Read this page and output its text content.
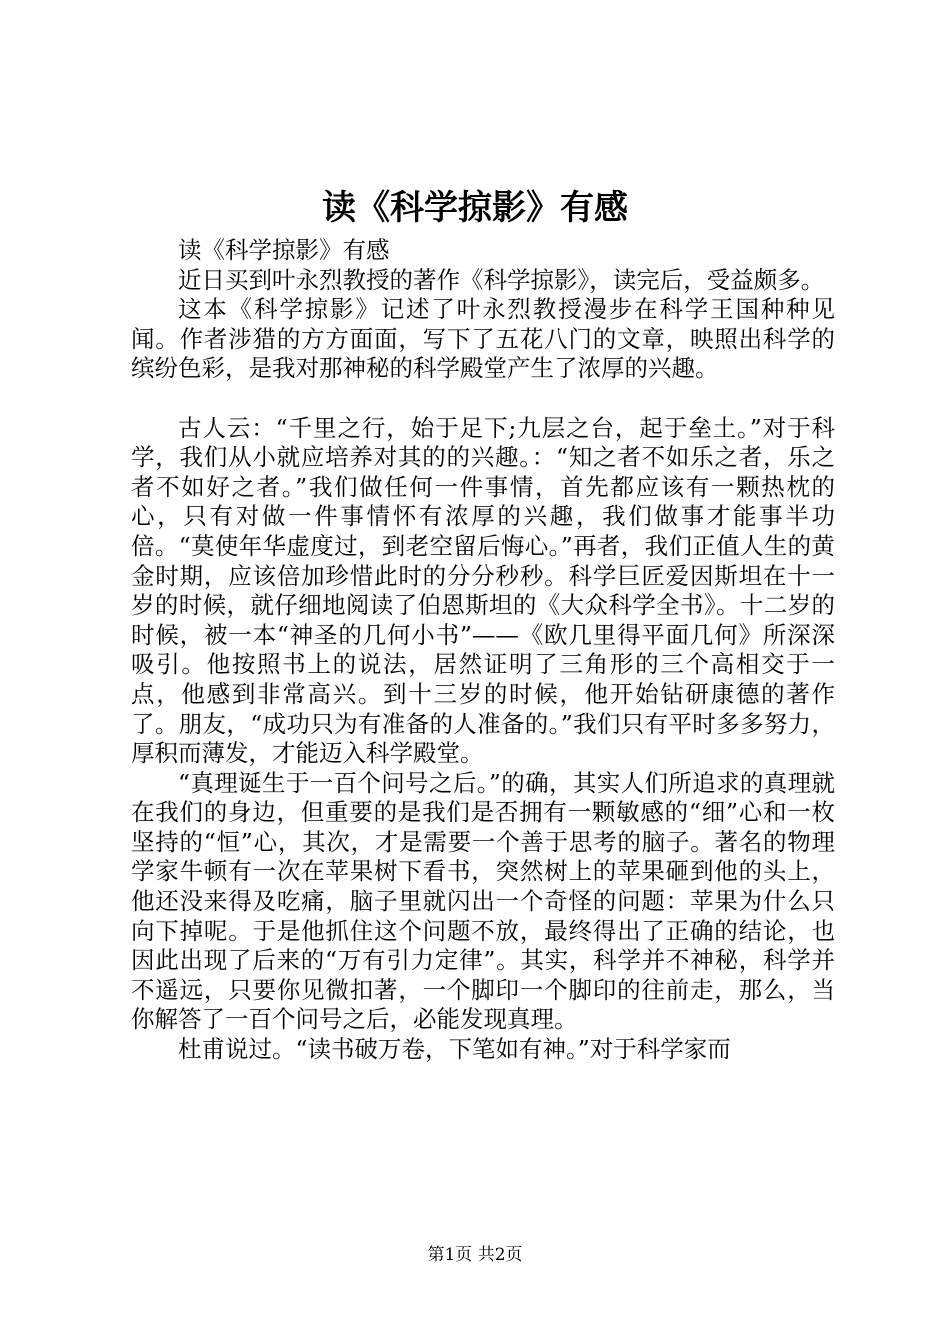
读《科学掠影》有感

读《科学掠影》有感

近日买到叶永烈教授的著作《科学掠影》，读完后，受益颇多。

这本《科学掠影》记述了叶永烈教授漫步在科学王国种种见闻。作者涉猎的方方面面，写下了五花八门的文章，映照出科学的缤纷色彩，是我对那神秘的科学殿堂产生了浓厚的兴趣。

古人云：“千里之行，始于足下;九层之台，起于垒土。”对于科学，我们从小就应培养对其的的兴趣。：“知之者不如乐之者，乐之者不如好之者。”我们做任何一件事情，首先都应该有一颗热枕的心，只有对做一件事情怀有浓厚的兴趣，我们做事才能事半功倍。“莫使年华虚度过，到老空留后悔心。”再者，我们正值人生的黄金时期，应该倍加珍惜此时的分分秒秒。科学巨匠爱因斯坦在十一岁的时候，就仔细地阅读了伯恩斯坦的《大众科学全书》。十二岁的时候，被一本“神圣的几何小书”——《欧几里得平面几何》所深深吸引。他按照书上的说法，居然证明了三角形的三个高相交于一点，他感到非常高兴。到十三岁的时候，他开始钻研康德的著作了。朋友，“成功只为有准备的人准备的。”我们只有平时多多努力，厚积而薄发，才能迈入科学殿堂。

“真理诞生于一百个问号之后。”的确，其实人们所追求的真理就在我们的身边，但重要的是我们是否拥有一颗敏感的“细”心和一枚坚持的“恒”心，其次，才是需要一个善于思考的脑子。著名的物理学家牛顿有一次在苹果树下看书，突然树上的苹果砸到他的头上，他还没来得及吃痛，脑子里就闪出一个奇怪的问题：苹果为什么只向下掉呢。于是他抓住这个问题不放，最终得出了正确的结论，也因此出现了后来的“万有引力定律”。其实，科学并不神秘，科学并不遥远，只要你见微扣著，一个脚印一个脚印的往前走，那么，当你解答了一百个问号之后，必能发现真理。

杜甫说过。“读书破万卷，下笔如有神。”对于科学家而

第1页 共2页
